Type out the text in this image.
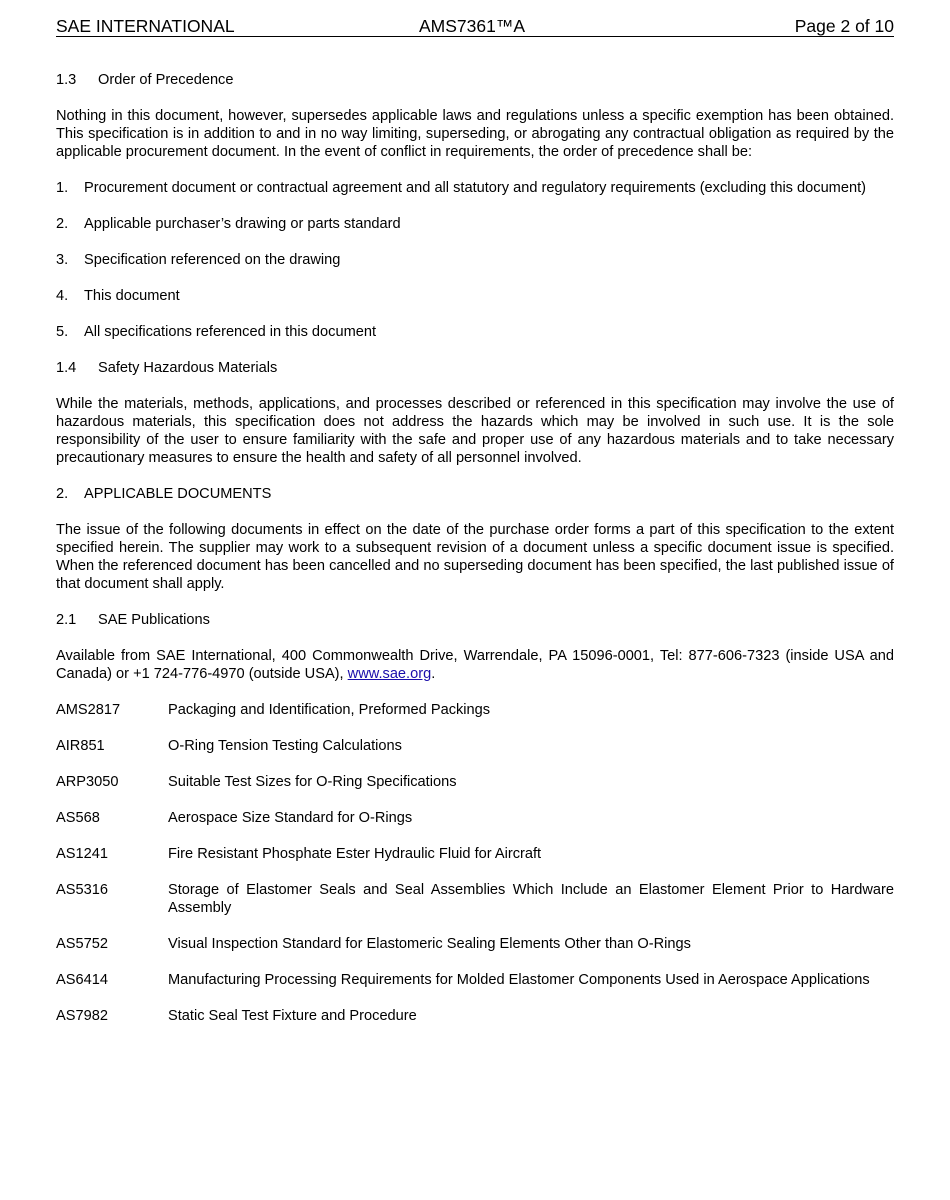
SAE INTERNATIONAL	AMS7361™A	Page 2 of 10
1.3	Order of Precedence

Nothing in this document, however, supersedes applicable laws and regulations unless a specific exemption has been obtained. This specification is in addition to and in no way limiting, superseding, or abrogating any contractual obligation as required by the applicable procurement document. In the event of conflict in requirements, the order of precedence shall be:

1.	Procurement document or contractual agreement and all statutory and regulatory requirements (excluding this document)
2.	Applicable purchaser’s drawing or parts standard
3.	Specification referenced on the drawing
4.	This document
5.	All specifications referenced in this document
1.4	Safety Hazardous Materials

While the materials, methods, applications, and processes described or referenced in this specification may involve the use of hazardous materials, this specification does not address the hazards which may be involved in such use. It is the sole responsibility of the user to ensure familiarity with the safe and proper use of any hazardous materials and to take necessary precautionary measures to ensure the health and safety of all personnel involved.

2.	APPLICABLE DOCUMENTS

The issue of the following documents in effect on the date of the purchase order forms a part of this specification to the extent specified herein. The supplier may work to a subsequent revision of a document unless a specific document issue is specified. When the referenced document has been cancelled and no superseding document has been specified, the last published issue of that document shall apply.

2.1	SAE Publications

Available from SAE International, 400 Commonwealth Drive, Warrendale, PA 15096-0001, Tel: 877-606-7323 (inside USA and Canada) or +1 724-776-4970 (outside USA), www.sae.org.

AMS2817	Packaging and Identification, Preformed Packings
AIR851	O-Ring Tension Testing Calculations
ARP3050	Suitable Test Sizes for O-Ring Specifications
AS568	Aerospace Size Standard for O-Rings
AS1241	Fire Resistant Phosphate Ester Hydraulic Fluid for Aircraft
AS5316	Storage of Elastomer Seals and Seal Assemblies Which Include an Elastomer Element Prior to Hardware Assembly
AS5752	Visual Inspection Standard for Elastomeric Sealing Elements Other than O-Rings
AS6414	Manufacturing Processing Requirements for Molded Elastomer Components Used in Aerospace Applications
AS7982	Static Seal Test Fixture and Procedure
